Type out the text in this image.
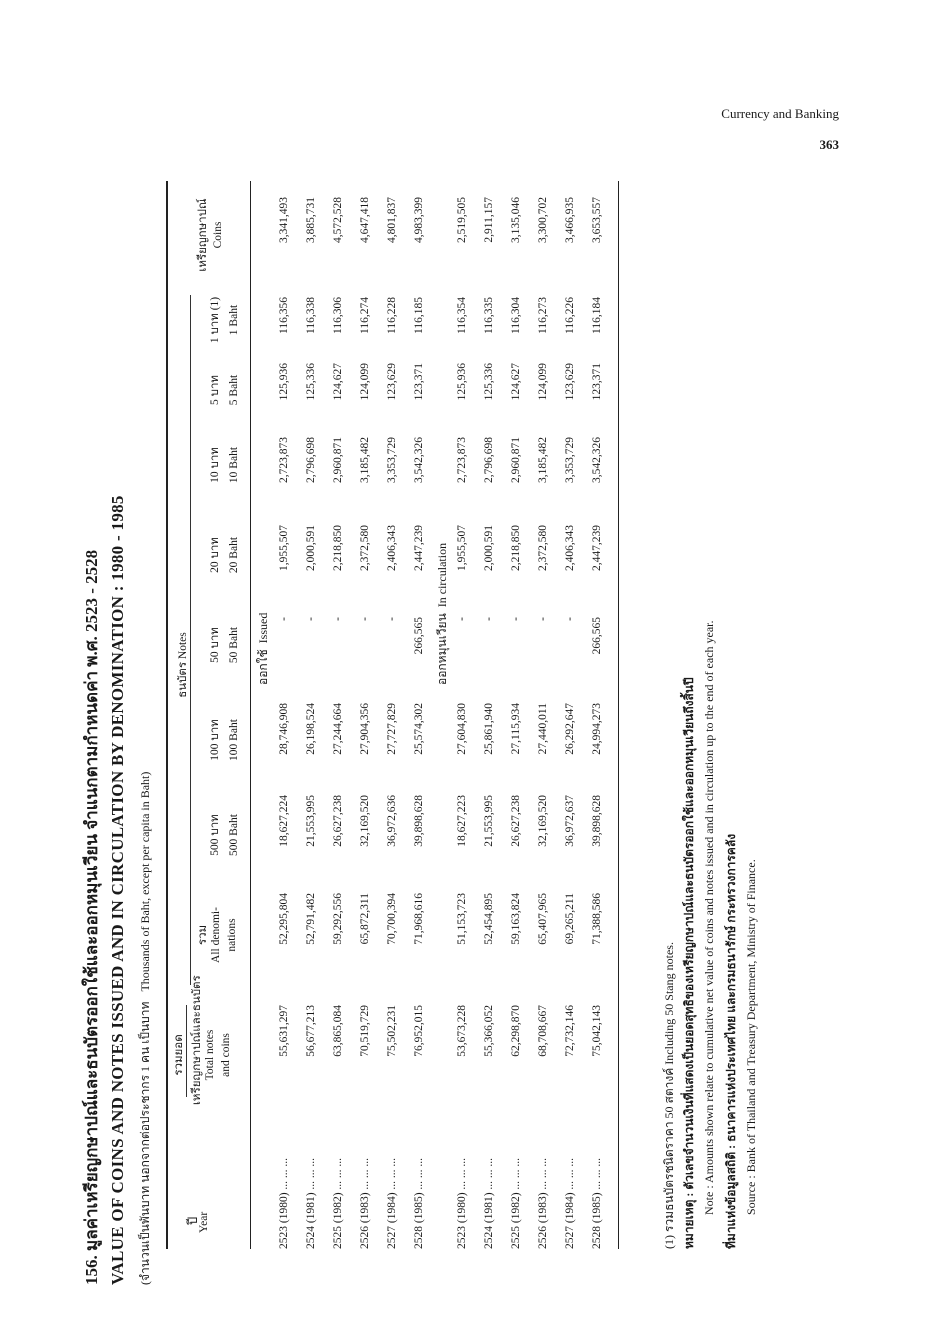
Currency and Banking
363
156. มูลค่าเหรียญกษาปณ์และธนบัตรออกใช้และออกหมุนเวียน จำแนกตามกำหนดค่า พ.ศ. 2523 - 2528 VALUE OF COINS AND NOTES ISSUED AND IN CIRCULATION BY DENOMINATION : 1980 - 1985 (จำนวนเป็นพันบาท นอกจากต่อประชากร 1 คน เป็นบาทThousands of Baht, except per capita in Baht)
ปี
Year
รวมยอด เหรียญกษาปณ์และธนบัตร Total notes and coins
ธนบัตร Notes
รวม All denomi- nations
500 บาท 500 Baht
100 บาท 100 Baht
50 บาท 50 Baht
20 บาท 20 Baht
10 บาท 10 Baht
5 บาท 5 Baht
1 บาท (1) 1 Baht
เหรียญกษาปณ์ Coins
ออกใช้  Issued	ออกหมุนเวียน  In circulation
2523 (1980) ... ... ...
55,631,297
52,295,804
18,627,224
28,746,908
-
1,955,507
2,723,873
125,936
116,356
3,341,493
2524 (1981) ... ... ...
56,677,213
52,791,482
21,553,995
26,198,524
-
2,000,591
2,796,698
125,336
116,338
3,885,731
2525 (1982) ... ... ...
63,865,084
59,292,556
26,627,238
27,244,664
-
2,218,850
2,960,871
124,627
116,306
4,572,528
2526 (1983) ... ... ...
70,519,729
65,872,311
32,169,520
27,904,356
-
2,372,580
3,185,482
124,099
116,274
4,647,418
2527 (1984) ... ... ...
75,502,231
70,700,394
36,972,636
27,727,829
-
2,406,343
3,353,729
123,629
116,228
4,801,837
2528 (1985) ... ... ...
76,952,015
71,968,616
39,898,628
25,574,302
266,565
2,447,239
3,542,326
123,371
116,185
4,983,399
2523 (1980) ... ... ...
53,673,228
51,153,723
18,627,223
27,604,830
-
1,955,507
2,723,873
125,936
116,354
2,519,505
2524 (1981) ... ... ...
55,366,052
52,454,895
21,553,995
25,861,940
-
2,000,591
2,796,698
125,336
116,335
2,911,157
2525 (1982) ... ... ...
62,298,870
59,163,824
26,627,238
27,115,934
-
2,218,850
2,960,871
124,627
116,304
3,135,046
2526 (1983) ... ... ...
68,708,667
65,407,965
32,169,520
27,440,011
-
2,372,580
3,185,482
124,099
116,273
3,300,702
2527 (1984) ... ... ...
72,732,146
69,265,211
36,972,637
26,292,647
-
2,406,343
3,353,729
123,629
116,226
3,466,935
2528 (1985) ... ... ...
75,042,143
71,388,586
39,898,628
24,994,273
266,565
2,447,239
3,542,326
123,371
116,184
3,653,557
(1) รวมธนบัตรชนิดราคา 50 สตางค์ Including 50 Stang notes. หมายเหตุ : ตัวเลขจำนวนเงินที่แสดงเป็นยอดสุทธิของเหรียญกษาปณ์และธนบัตรออกใช้และออกหมุนเวียนถึงสิ้นปี Note : Amounts shown relate to cumulative net value of coins and notes issued and in circulation up to the end of each year. ที่มาแห่งข้อมูลสถิติ : ธนาคารแห่งประเทศไทย และกรมธนารักษ์ กระทรวงการคลัง Source : Bank of Thailand and Treasury Department, Ministry of Finance.
